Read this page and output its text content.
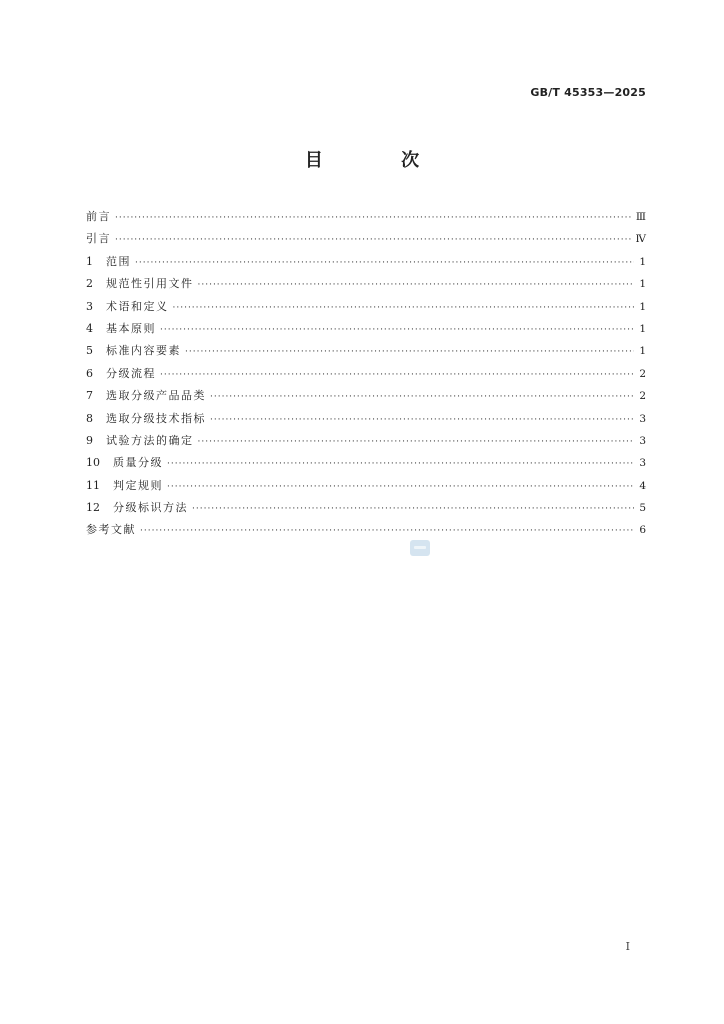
GB/T 45353—2025
目 次
前言 ·····	Ⅲ
引言 ·····	Ⅳ
1	范围 ·····	1
2	规范性引用文件 ·····	1
3	术语和定义 ·····	1
4	基本原则 ·····	1
5	标准内容要素 ·····	1
6	分级流程 ·····	2
7	选取分级产品品类 ·····	2
8	选取分级技术指标 ·····	3
9	试验方法的确定 ·····	3
10	质量分级 ·····	3
11	判定规则 ·····	4
12	分级标识方法 ·····	5
参考文献 ·····	6
I
